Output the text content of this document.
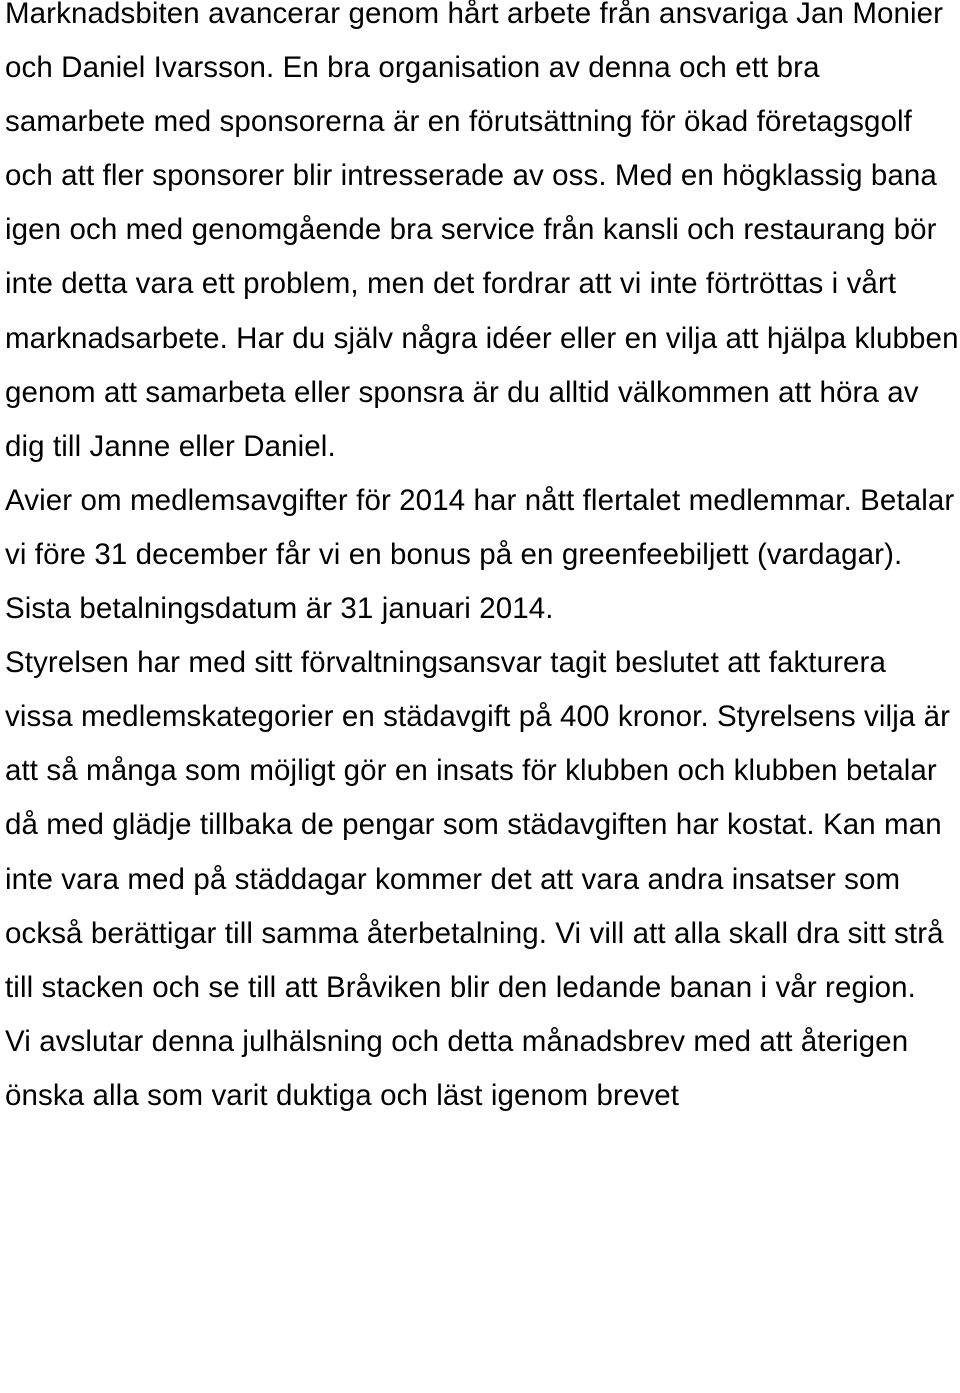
Marknadsbiten avancerar genom hårt arbete från ansvariga Jan Monier och Daniel Ivarsson. En bra organisation av denna och ett bra samarbete med sponsorerna är en förutsättning för ökad företagsgolf och att fler sponsorer blir intresserade av oss. Med en högklassig bana igen och med genomgående bra service från kansli och restaurang bör inte detta vara ett problem, men det fordrar att vi inte förtröttas i vårt marknadsarbete. Har du själv några idéer eller en vilja att hjälpa klubben genom att samarbeta eller sponsra är du alltid välkommen att höra av dig till Janne eller Daniel.

Avier om medlemsavgifter för 2014 har nått flertalet medlemmar. Betalar vi före 31 december får vi en bonus på en greenfeebiljett (vardagar). Sista betalningsdatum är 31 januari 2014.

Styrelsen har med sitt förvaltningsansvar tagit beslutet att fakturera vissa medlemskategorier en städavgift på 400 kronor. Styrelsens vilja är att så många som möjligt gör en insats för klubben och klubben betalar då med glädje tillbaka de pengar som städavgiften har kostat. Kan man inte vara med på städdagar kommer det att vara andra insatser som också berättigar till samma återbetalning. Vi vill att alla skall dra sitt strå till stacken och se till att Bråviken blir den ledande banan i vår region.

Vi avslutar denna julhälsning och detta månadsbrev med att återigen önska alla som varit duktiga och läst igenom brevet
